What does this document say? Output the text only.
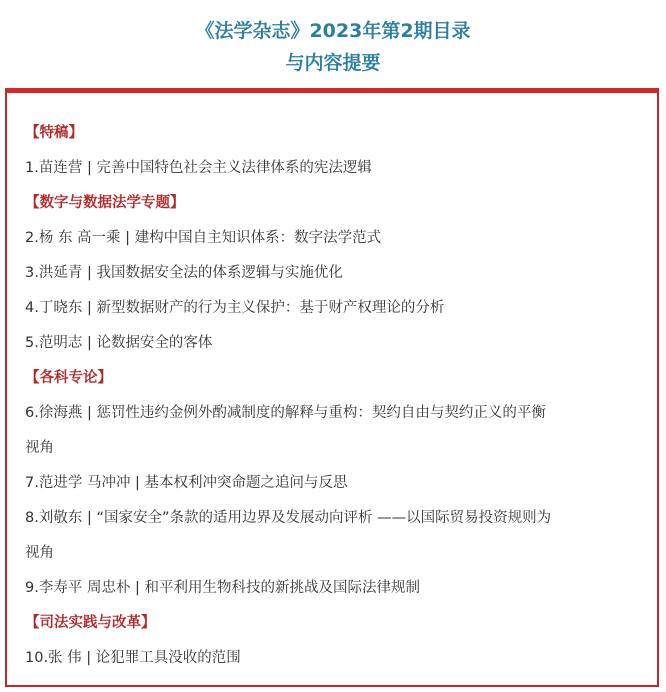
《法学杂志》2023年第2期目录
与内容提要
【特稿】
1.苗连营 | 完善中国特色社会主义法律体系的宪法逻辑
【数字与数据法学专题】
2.杨 东 高一乘 | 建构中国自主知识体系：数字法学范式
3.洪延青 | 我国数据安全法的体系逻辑与实施优化
4.丁晓东 | 新型数据财产的行为主义保护：基于财产权理论的分析
5.范明志 | 论数据安全的客体
【各科专论】
6.徐海燕 | 惩罚性违约金例外酌减制度的解释与重构：契约自由与契约正义的平衡
视角
7.范进学 马冲冲 | 基本权利冲突命题之追问与反思
8.刘敬东 | “国家安全”条款的适用边界及发展动向评析 ——以国际贸易投资规则为
视角
9.李寿平 周忠朴 | 和平利用生物科技的新挑战及国际法律规制
【司法实践与改革】
10.张 伟 | 论犯罪工具没收的范围
